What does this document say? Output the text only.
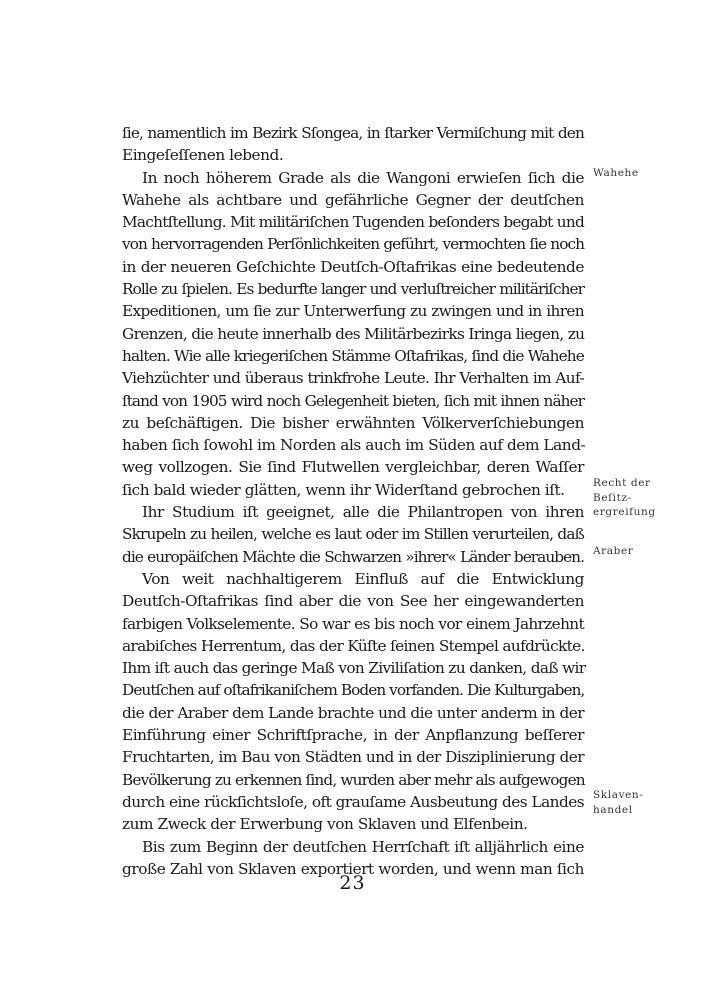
ſie, namentlich im Bezirk Sſongea, in ſtarker Vermiſchung mit den
Eingeſeſſenen lebend.
In noch höherem Grade als die Wangoni erwieſen ſich die
Wahehe als achtbare und gefährliche Gegner der deutſchen
Machtſtellung. Mit militäriſchen Tugenden beſonders begabt und
von hervorragenden Perſönlichkeiten geführt, vermochten ſie noch
in der neueren Geſchichte Deutſch-Oſtafrikas eine bedeutende
Rolle zu ſpielen. Es bedurfte langer und verluſtreicher militäriſcher
Expeditionen, um ſie zur Unterwerfung zu zwingen und in ihren
Grenzen, die heute innerhalb des Militärbezirks Iringa liegen, zu
halten. Wie alle kriegeriſchen Stämme Oſtafrikas, ſind die Wahehe
Viehzüchter und überaus trinkfrohe Leute. Ihr Verhalten im Auf-
ſtand von 1905 wird noch Gelegenheit bieten, ſich mit ihnen näher
zu beſchäftigen. Die bisher erwähnten Völkerverſchiebungen
haben ſich ſowohl im Norden als auch im Süden auf dem Land-
weg vollzogen. Sie ſind Flutwellen vergleichbar, deren Waſſer
ſich bald wieder glätten, wenn ihr Widerſtand gebrochen iſt.
Ihr Studium iſt geeignet, alle die Philantropen von ihren
Skrupeln zu heilen, welche es laut oder im Stillen verurteilen, daß
die europäiſchen Mächte die Schwarzen »ihrer« Länder berauben.
Von weit nachhaltigerem Einfluß auf die Entwicklung
Deutſch-Oſtafrikas ſind aber die von See her eingewanderten
farbigen Volkselemente. So war es bis noch vor einem Jahrzehnt
arabiſches Herrentum, das der Küſte ſeinen Stempel aufdrückte.
Ihm iſt auch das geringe Maß von Ziviliſation zu danken, daß wir
Deutſchen auf oſtafrikaniſchem Boden vorfanden. Die Kulturgaben,
die der Araber dem Lande brachte und die unter anderm in der
Einführung einer Schriftſprache, in der Anpflanzung beſſerer
Fruchtarten, im Bau von Städten und in der Disziplinierung der
Bevölkerung zu erkennen ſind, wurden aber mehr als aufgewogen
durch eine rückſichtsloſe, oft grauſame Ausbeutung des Landes
zum Zweck der Erwerbung von Sklaven und Elfenbein.
Bis zum Beginn der deutſchen Herrſchaft iſt alljährlich eine
große Zahl von Sklaven exportiert worden, und wenn man ſich
Wahehe
Recht der
Beſitz-
ergreifung
Araber
Sklaven-
handel
23
